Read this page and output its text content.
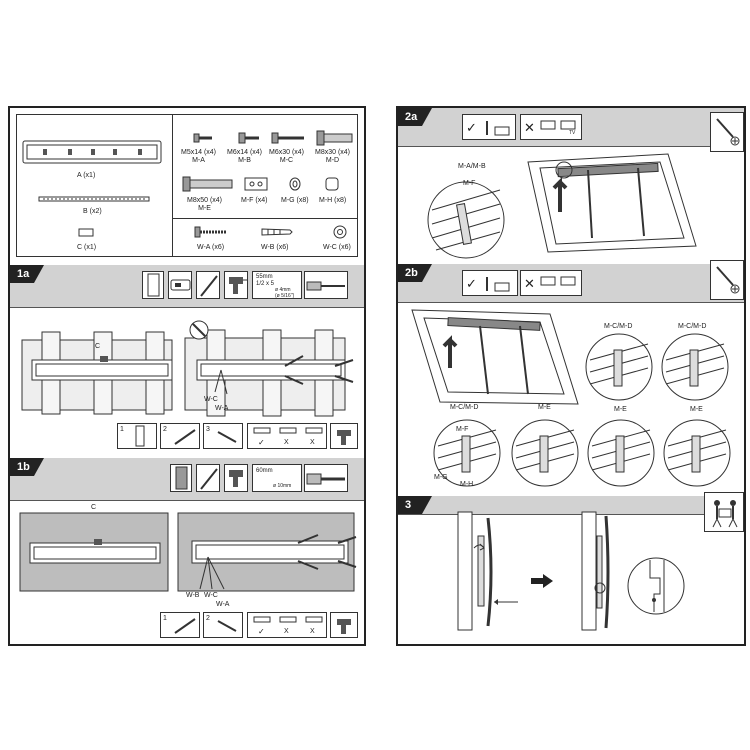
A (x1)
B (x2)
C (x1)
M5x14 (x4)
M-A
M6x14 (x4)
M-B
M6x30 (x4)
M-C
M8x30 (x4)
M-D
M8x50 (x4)
M-E
M-F (x4) M-G (x8) M-H (x8)
W-A (x6)	W-B (x6)	W-C (x6)
1a	55mm
1/2 x 5
ø 4mm
(ø 5/16")
C
W-C
W-A
1	2	3
✓	X	X
1b	60mm
ø 10mm
C
W-B W-C
W-A
1	2
✓	X	X
2a
✓	✕	TV
M-A/M-B
M-F
2b
✓	✕
M-C/M-D	M-C/M-D
M-C/M-D	M-E	M-E	M-E
M-F
M-G
M-H
3
